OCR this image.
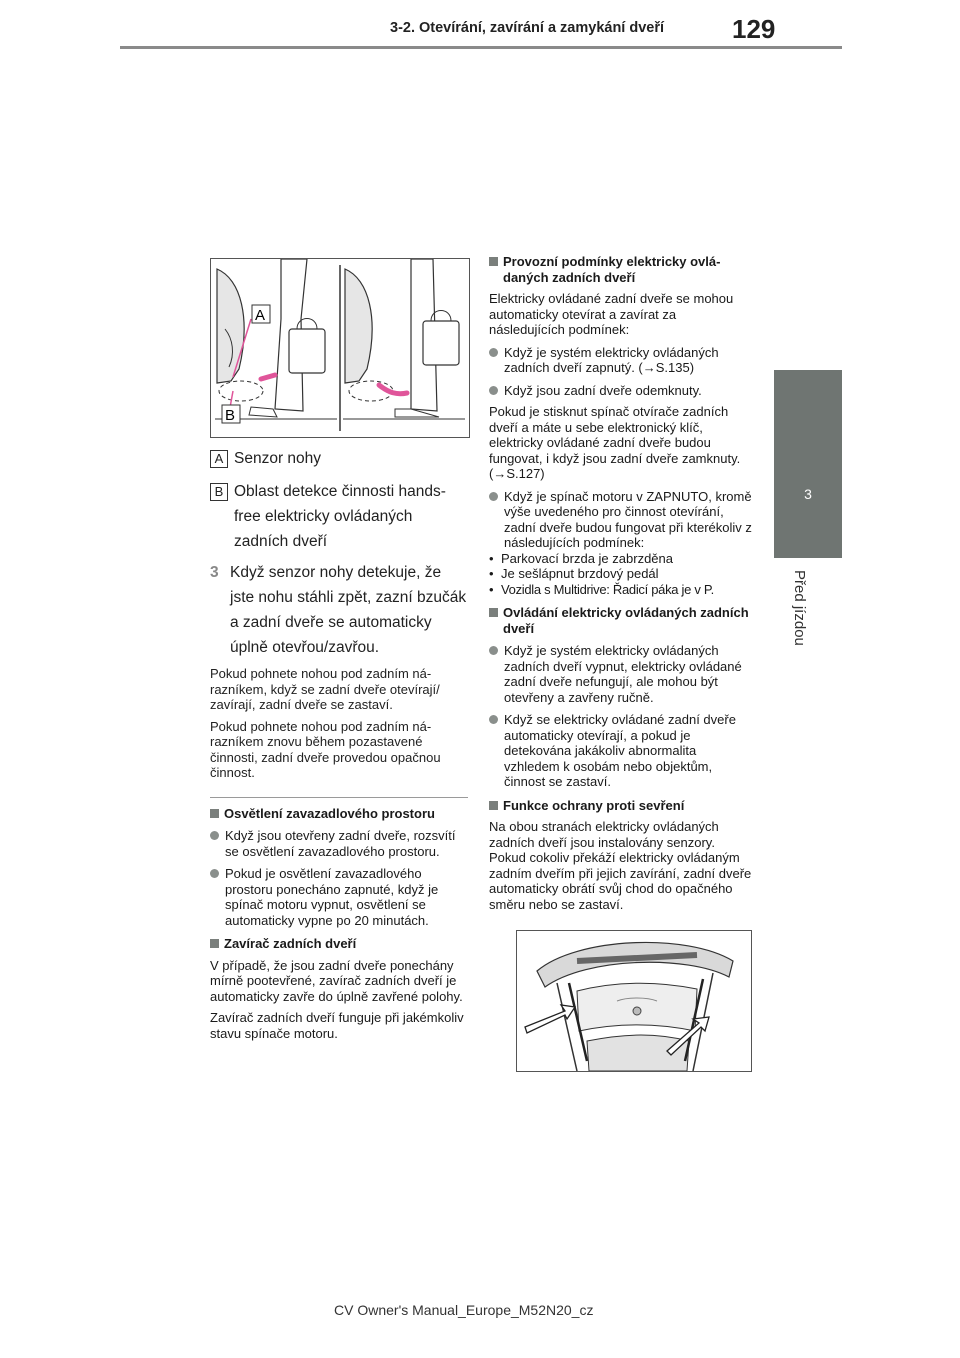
3-2. Otevírání, zavírání a zamykání dveří	129
3
Před jízdou
A
B
A Senzor nohy
B Oblast detekce činnosti hands-free elektricky ovládaných zadních dveří
3 Když senzor nohy detekuje, že jste nohu stáhli zpět, zazní bzučák a zadní dveře se automaticky úplně otevřou/zavřou.

Pokud pohnete nohou pod zadním nárazníkem, když se zadní dveře otevírají/ zavírají, zadní dveře se zastaví.

Pokud pohnete nohou pod zadním nárazníkem znovu během pozastavené činnosti, zadní dveře provedou opačnou činnost.

Osvětlení zavazadlového prostoru
Když jsou otevřeny zadní dveře, rozsvítí se osvětlení zavazadlového prostoru.
Pokud je osvětlení zavazadlového prostoru ponecháno zapnuté, když je spínač motoru vypnut, osvětlení se automaticky vypne po 20 minutách.
Zavírač zadních dveří
V případě, že jsou zadní dveře ponechány mírně pootevřené, zavírač zadních dveří je automaticky zavře do úplně zavřené polohy.
Zavírač zadních dveří funguje při jakémkoliv stavu spínače motoru.
Provozní podmínky elektricky ovládaných zadních dveří
Elektricky ovládané zadní dveře se mohou automaticky otevírat a zavírat za následujících podmínek:
Když je systém elektricky ovládaných zadních dveří zapnutý. (→S.135)
Když jsou zadní dveře odemknuty.
Pokud je stisknut spínač otvírače zadních dveří a máte u sebe elektronický klíč, elektricky ovládané zadní dveře budou fungovat, i když jsou zadní dveře zamknuty. (→S.127)
Když je spínač motoru v ZAPNUTO, kromě výše uvedeného pro činnost otevírání, zadní dveře budou fungovat při kterékoliv z následujících podmínek:
• Parkovací brzda je zabrzděna
• Je sešlápnut brzdový pedál
• Vozidla s Multidrive: Řadicí páka je v P.
Ovládání elektricky ovládaných zadních dveří
Když je systém elektricky ovládaných zadních dveří vypnut, elektricky ovládané zadní dveře nefungují, ale mohou být otevřeny a zavřeny ručně.
Když se elektricky ovládané zadní dveře automaticky otevírají, a pokud je detekována jakákoliv abnormalita vzhledem k osobám nebo objektům, činnost se zastaví.
Funkce ochrany proti sevření
Na obou stranách elektricky ovládaných zadních dveří jsou instalovány senzory. Pokud cokoliv překáží elektricky ovládaným zadním dveřím při jejich zavírání, zadní dveře automaticky obrátí svůj chod do opačného směru nebo se zastaví.
CV Owner's Manual_Europe_M52N20_cz
